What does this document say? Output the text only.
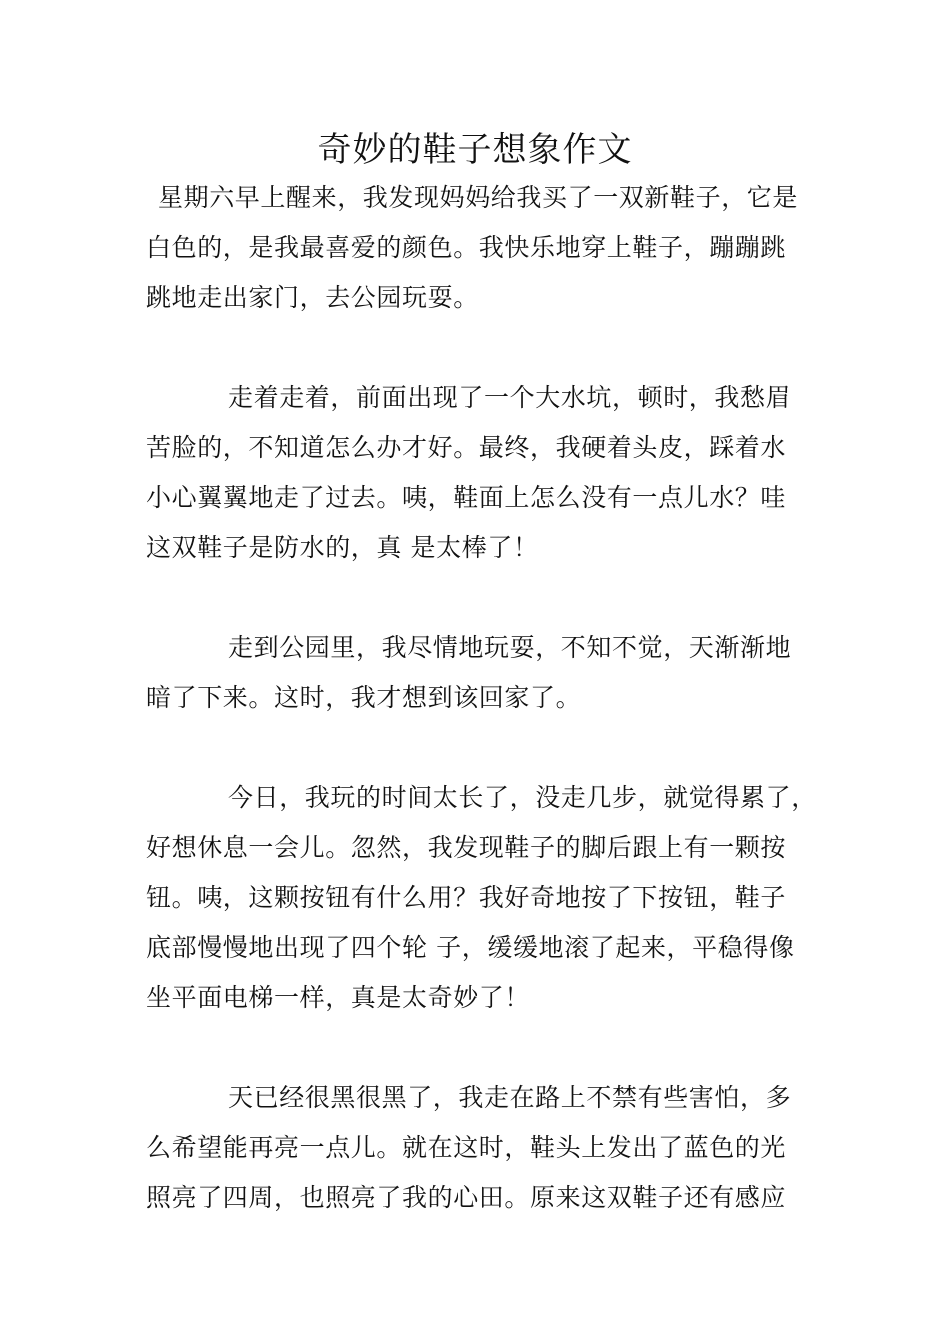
奇妙的鞋子想象作文
星期六早上醒来，我发现妈妈给我买了一双新鞋子，它是
白色的，是我最喜爱的颜色。我快乐地穿上鞋子，蹦蹦跳
跳地走出家门，去公园玩耍。
走着走着，前面出现了一个大水坑，顿时，我愁眉
苦脸的，不知道怎么办才好。最终，我硬着头皮，踩着水
小心翼翼地走了过去。咦，鞋面上怎么没有一点儿水？哇
这双鞋子是防水的，真 是太棒了！
走到公园里，我尽情地玩耍，不知不觉，天渐渐地
暗了下来。这时，我才想到该回家了。
今日，我玩的时间太长了，没走几步，就觉得累了，
好想休息一会儿。忽然，我发现鞋子的脚后跟上有一颗按
钮。咦，这颗按钮有什么用？我好奇地按了下按钮，鞋子
底部慢慢地出现了四个轮 子，缓缓地滚了起来，平稳得像
坐平面电梯一样，真是太奇妙了！
天已经很黑很黑了，我走在路上不禁有些害怕，多
么希望能再亮一点儿。就在这时，鞋头上发出了蓝色的光
照亮了四周，也照亮了我的心田。原来这双鞋子还有感应
